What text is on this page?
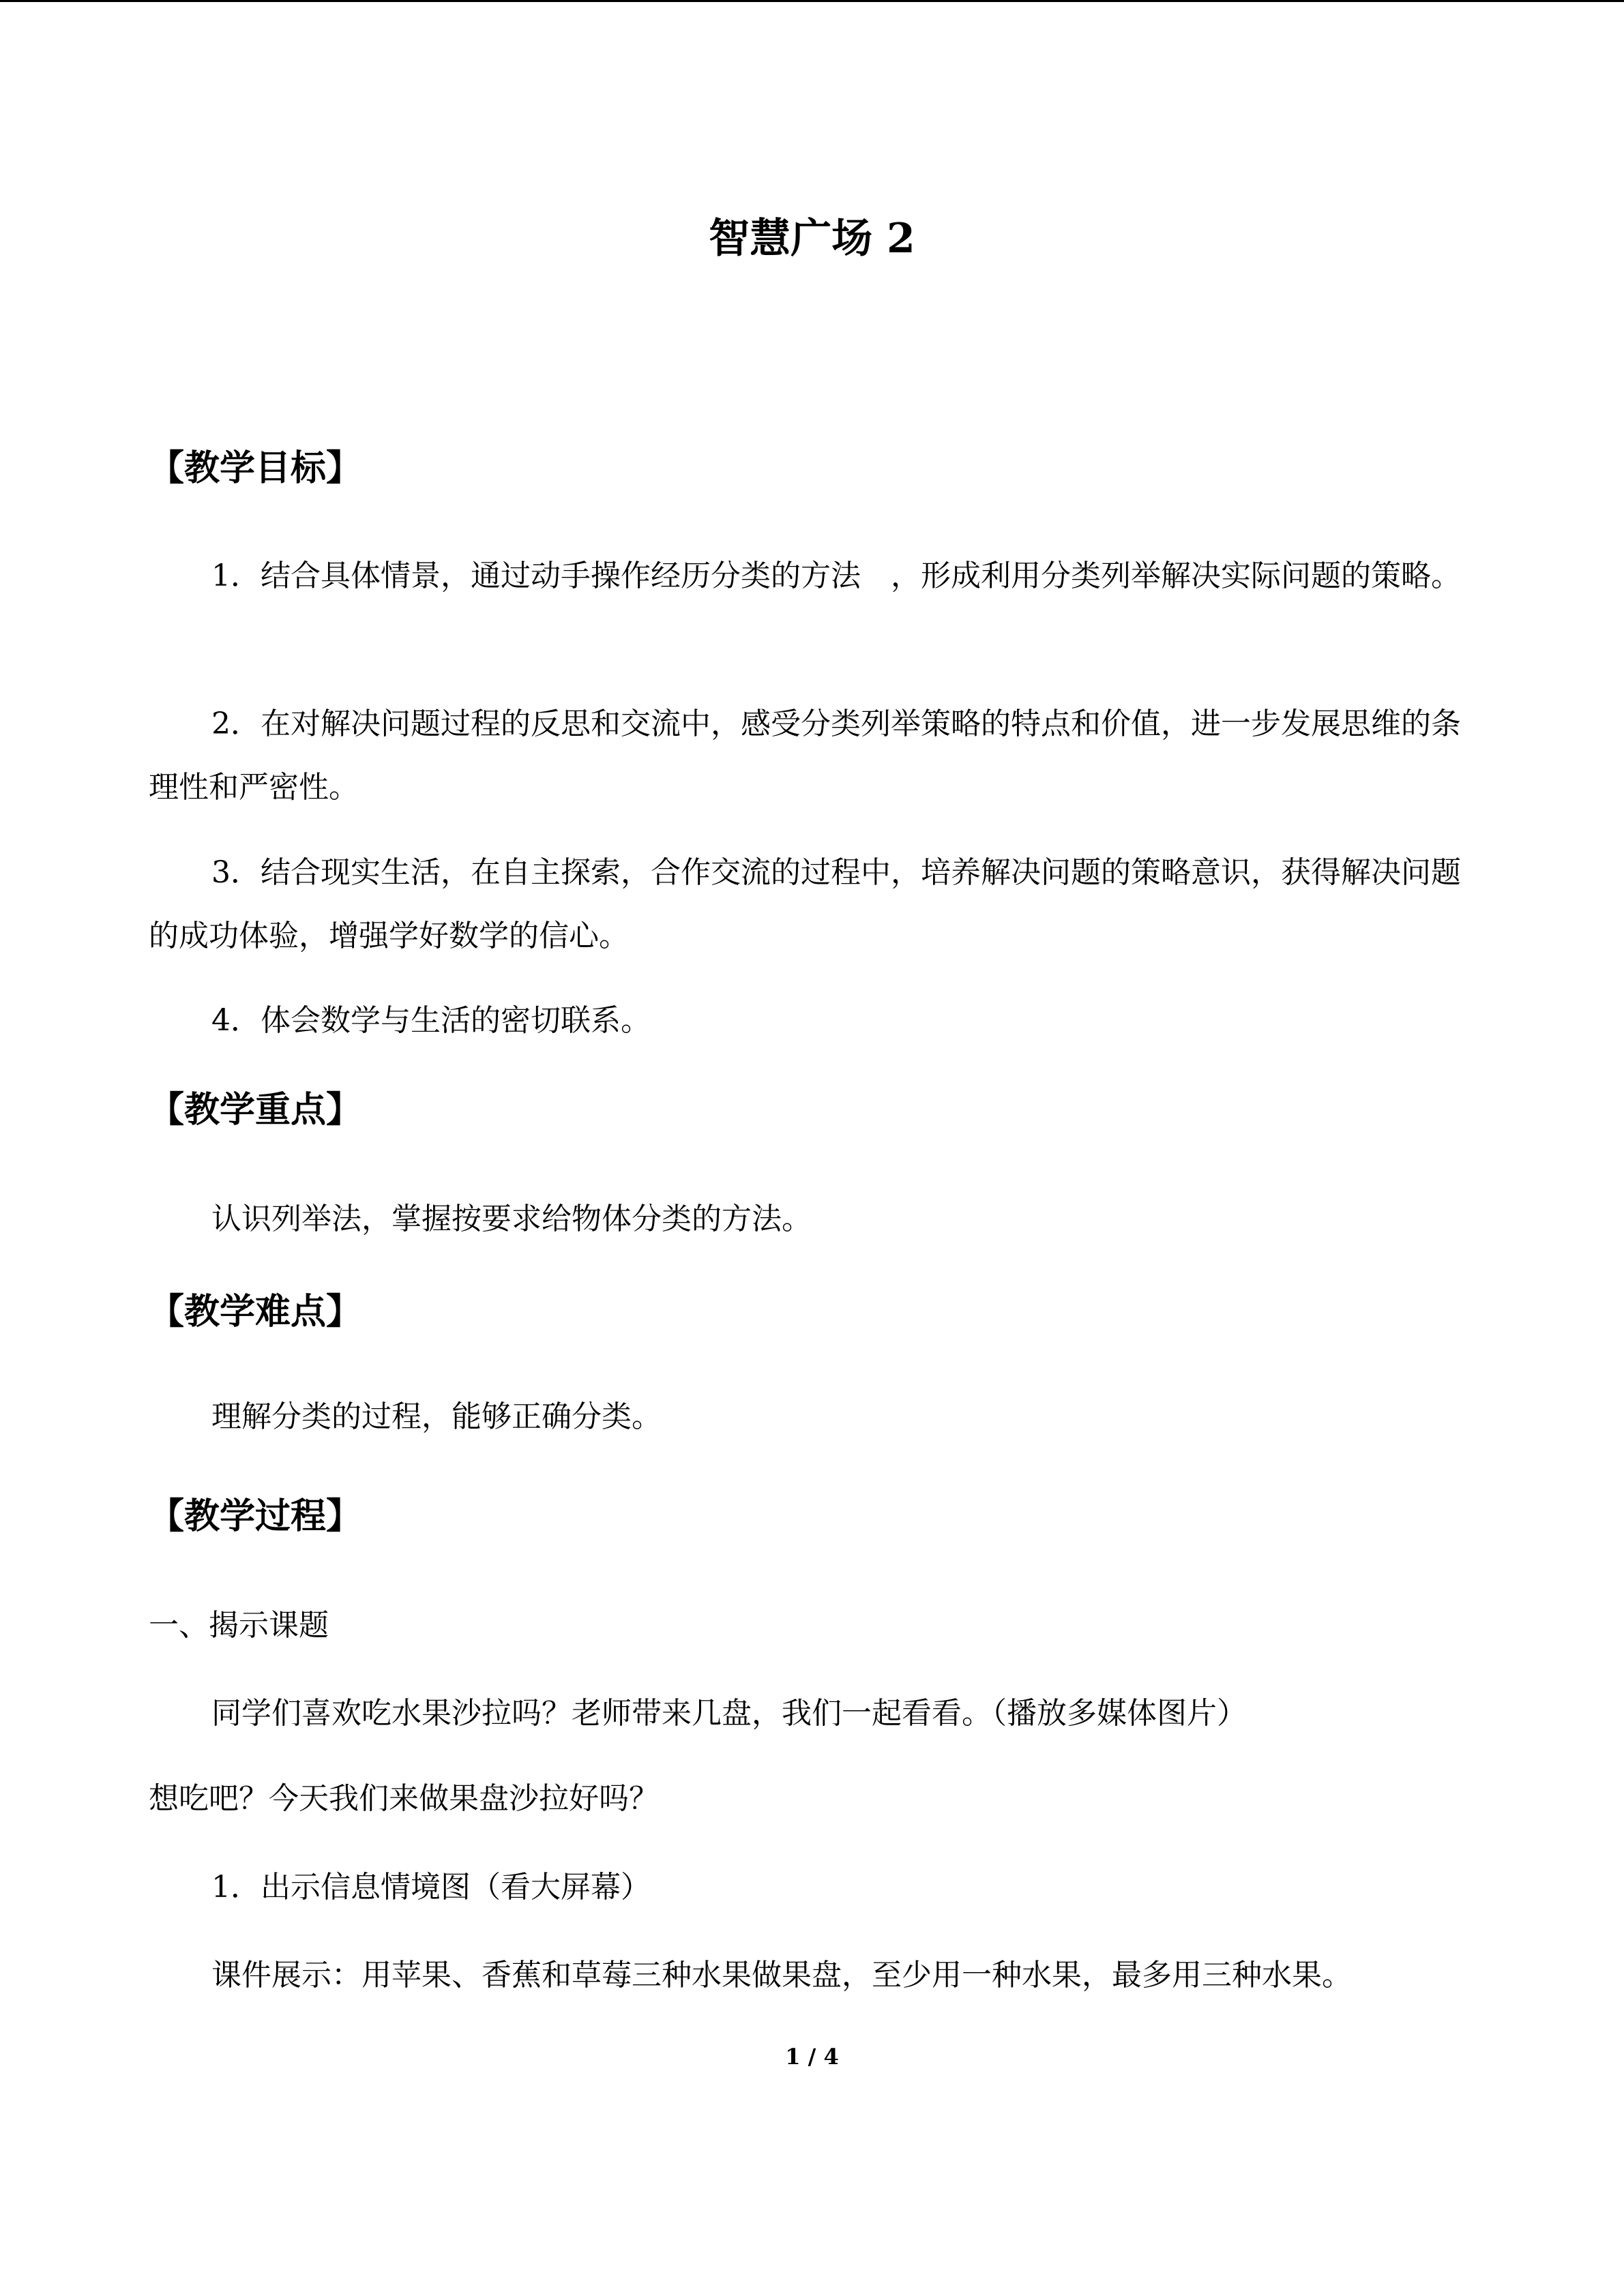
智慧广场 2
【教学目标】

1．结合具体情景，通过动手操作经历分类的方法　，形成利用分类列举解决实际问题的策略。

2．在对解决问题过程的反思和交流中，感受分类列举策略的特点和价值，进一步发展思维的条理性和严密性。

3．结合现实生活，在自主探索，合作交流的过程中，培养解决问题的策略意识，获得解决问题的成功体验，增强学好数学的信心。

4．体会数学与生活的密切联系。

【教学重点】

认识列举法，掌握按要求给物体分类的方法。

【教学难点】

理解分类的过程，能够正确分类。

【教学过程】

一、揭示课题

同学们喜欢吃水果沙拉吗？老师带来几盘，我们一起看看。（播放多媒体图片）

想吃吧？今天我们来做果盘沙拉好吗？

1．出示信息情境图（看大屏幕）

课件展示：用苹果、香蕉和草莓三种水果做果盘，至少用一种水果，最多用三种水果。

1 / 4
